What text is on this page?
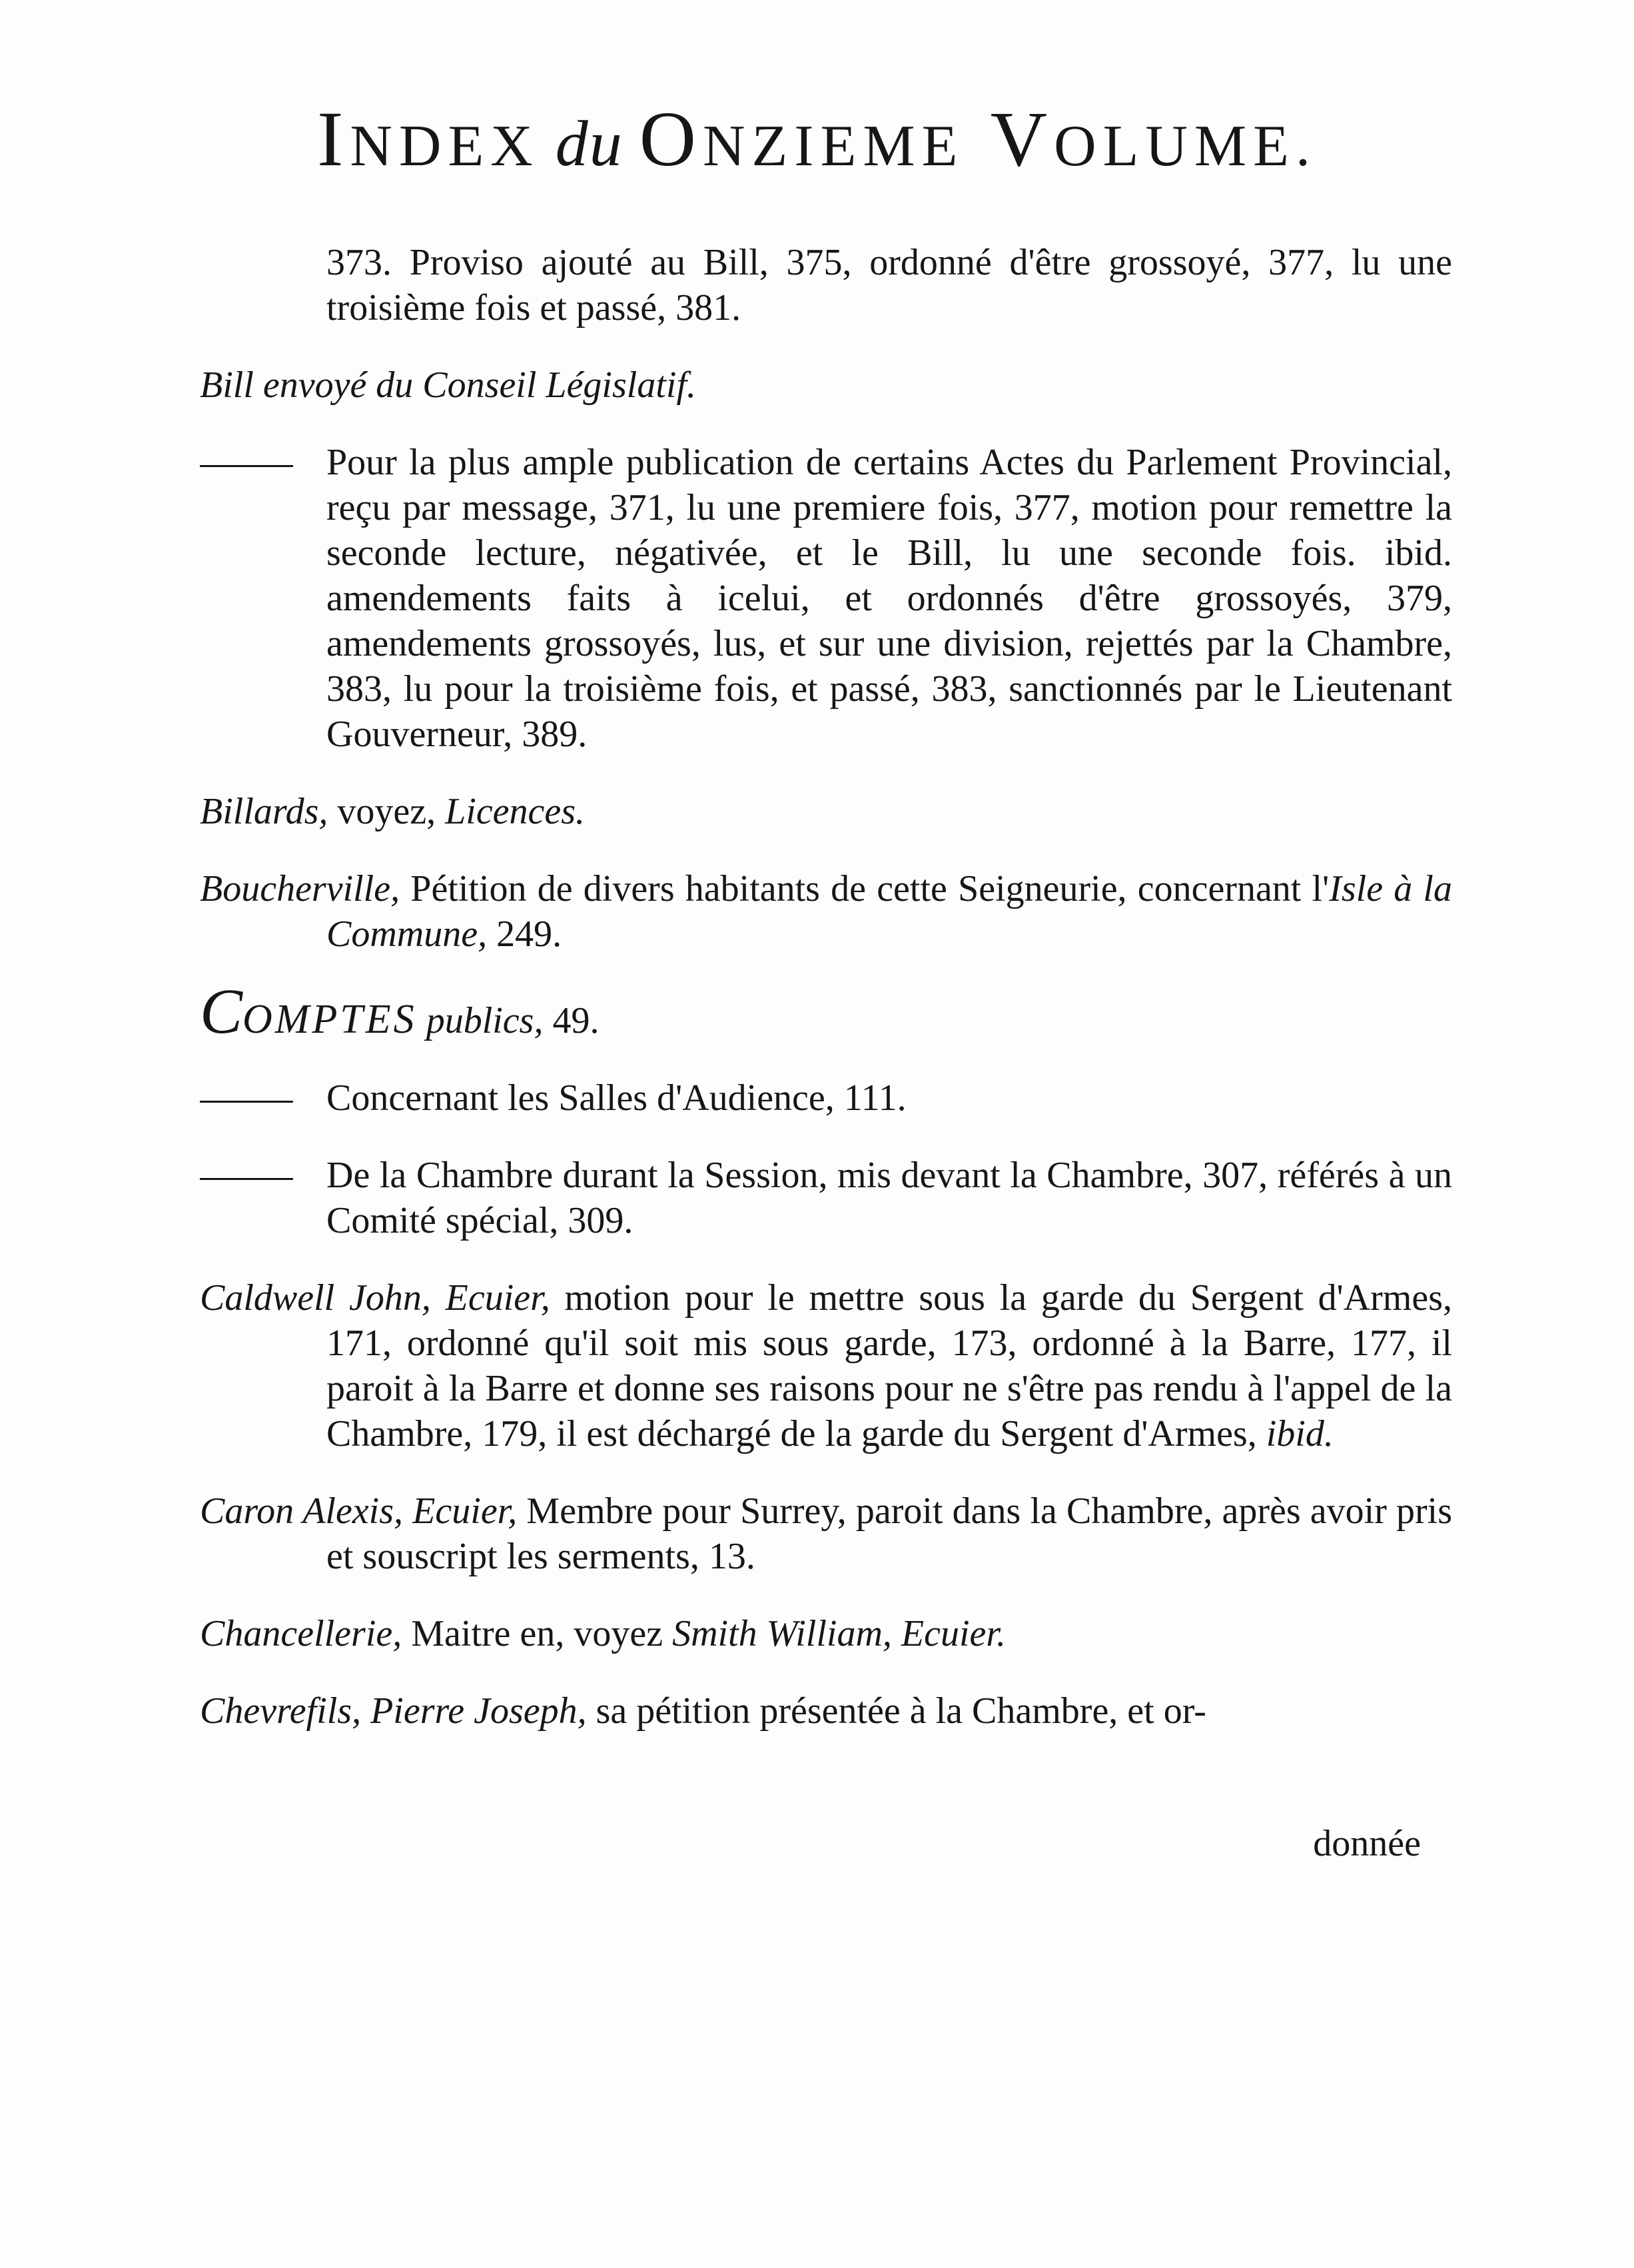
INDEX du ONZIEME VOLUME.

373. Proviso ajouté au Bill, 375, ordonné d'être grossoyé, 377, lu une troisième fois et passé, 381.

Bill envoyé du Conseil Législatif.

Pour la plus ample publication de certains Actes du Parlement Provincial, reçu par message, 371, lu une premiere fois, 377, motion pour remettre la seconde lecture, négativée, et le Bill, lu une seconde fois. ibid. amendements faits à icelui, et ordonnés d'être grossoyés, 379, amendements grossoyés, lus, et sur une division, rejettés par la Chambre, 383, lu pour la troisième fois, et passé, 383, sanctionnés par le Lieutenant Gouverneur, 389.

Billards, voyez, Licences.

Boucherville, Pétition de divers habitants de cette Seigneurie, concernant l'Isle à la Commune, 249.

COMPTES publics, 49.

Concernant les Salles d'Audience, 111.

De la Chambre durant la Session, mis devant la Chambre, 307, référés à un Comité spécial, 309.

Caldwell John, Ecuier, motion pour le mettre sous la garde du Sergent d'Armes, 171, ordonné qu'il soit mis sous garde, 173, ordonné à la Barre, 177, il paroit à la Barre et donne ses raisons pour ne s'être pas rendu à l'appel de la Chambre, 179, il est déchargé de la garde du Sergent d'Armes, ibid.

Caron Alexis, Ecuier, Membre pour Surrey, paroit dans la Chambre, après avoir pris et souscript les serments, 13.

Chancellerie, Maitre en, voyez Smith William, Ecuier.

Chevrefils, Pierre Joseph, sa pétition présentée à la Chambre, et or-

donnée
